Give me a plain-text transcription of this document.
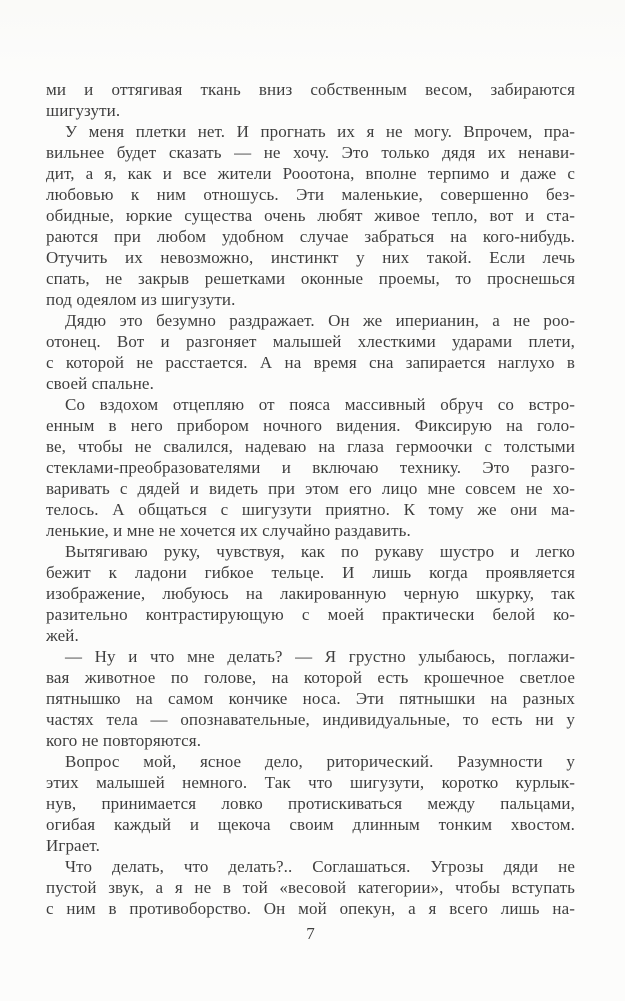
ми и оттягивая ткань вниз собственным весом, забираются
шигузути.
У меня плетки нет. И прогнать их я не могу. Впрочем, пра-
вильнее будет сказать — не хочу. Это только дядя их ненави-
дит, а я, как и все жители Рооотона, вполне терпимо и даже с
любовью к ним отношусь. Эти маленькие, совершенно без-
обидные, юркие существа очень любят живое тепло, вот и ста-
раются при любом удобном случае забраться на кого-нибудь.
Отучить их невозможно, инстинкт у них такой. Если лечь
спать, не закрыв решетками оконные проемы, то проснешься
под одеялом из шигузути.
Дядю это безумно раздражает. Он же иперианин, а не роо-
отонец. Вот и разгоняет малышей хлесткими ударами плети,
с которой не расстается. А на время сна запирается наглухо в
своей спальне.
Со вздохом отцепляю от пояса массивный обруч со встро-
енным в него прибором ночного видения. Фиксирую на голо-
ве, чтобы не свалился, надеваю на глаза гермоочки с толстыми
стеклами-преобразователями и включаю технику. Это разго-
варивать с дядей и видеть при этом его лицо мне совсем не хо-
телось. А общаться с шигузути приятно. К тому же они ма-
ленькие, и мне не хочется их случайно раздавить.
Вытягиваю руку, чувствуя, как по рукаву шустро и легко
бежит к ладони гибкое тельце. И лишь когда проявляется
изображение, любуюсь на лакированную черную шкурку, так
разительно контрастирующую с моей практически белой ко-
жей.
— Ну и что мне делать? — Я грустно улыбаюсь, поглажи-
вая животное по голове, на которой есть крошечное светлое
пятнышко на самом кончике носа. Эти пятнышки на разных
частях тела — опознавательные, индивидуальные, то есть ни у
кого не повторяются.
Вопрос мой, ясное дело, риторический. Разумности у
этих малышей немного. Так что шигузути, коротко курлык-
нув, принимается ловко протискиваться между пальцами,
огибая каждый и щекоча своим длинным тонким хвостом.
Играет.
Что делать, что делать?.. Соглашаться. Угрозы дяди не
пустой звук, а я не в той «весовой категории», чтобы вступать
с ним в противоборство. Он мой опекун, а я всего лишь на-
7
